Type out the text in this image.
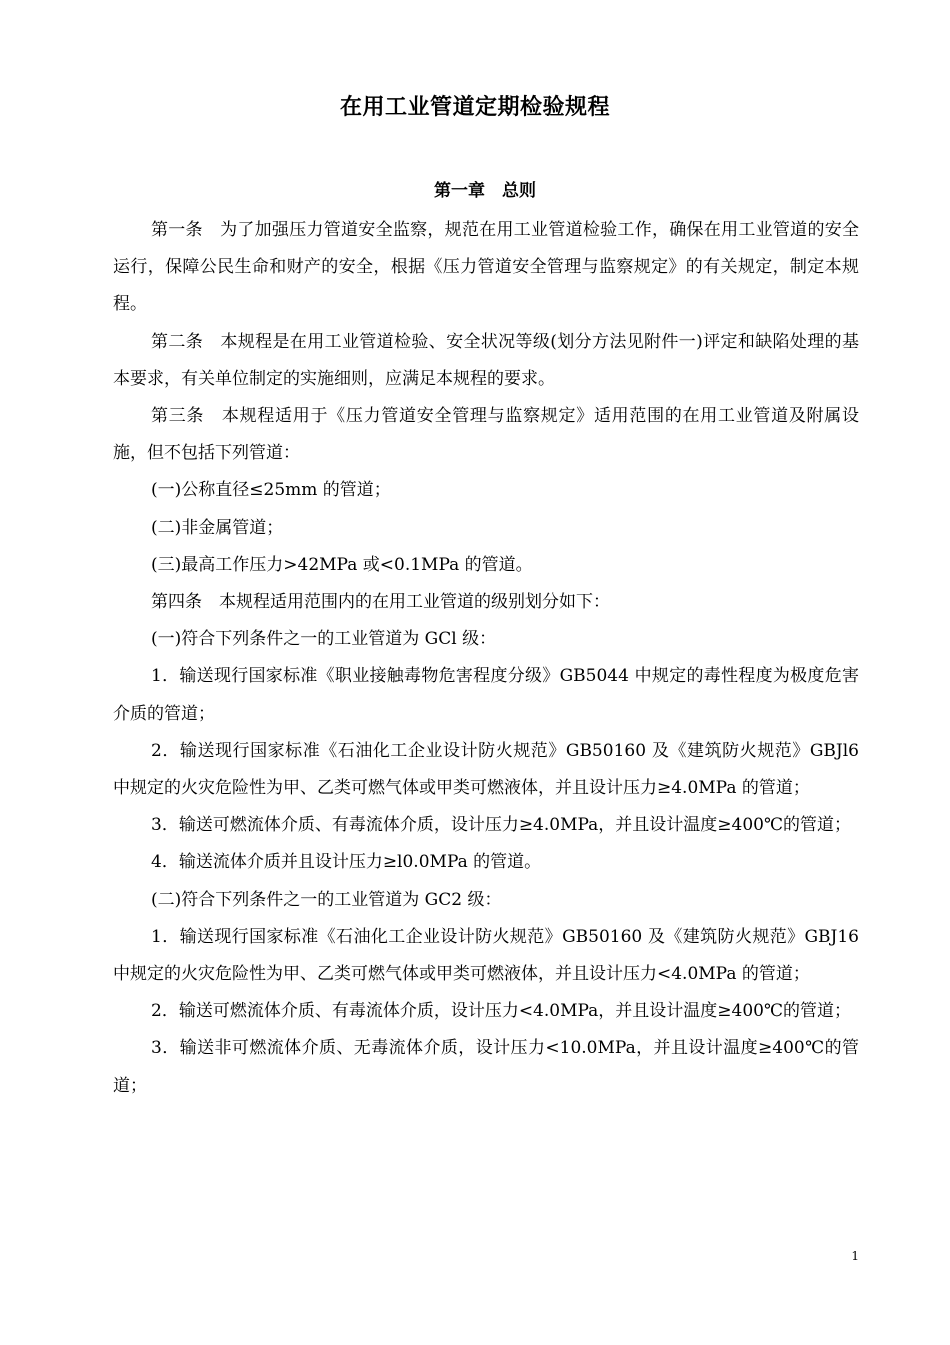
在用工业管道定期检验规程
第一章　总则

第一条　为了加强压力管道安全监察，规范在用工业管道检验工作，确保在用工业管道的安全运行，保障公民生命和财产的安全，根据《压力管道安全管理与监察规定》的有关规定，制定本规程。

第二条　本规程是在用工业管道检验、安全状况等级(划分方法见附件一)评定和缺陷处理的基本要求，有关单位制定的实施细则，应满足本规程的要求。

第三条　本规程适用于《压力管道安全管理与监察规定》适用范围的在用工业管道及附属设施，但不包括下列管道：

(一)公称直径≤25mm 的管道；

(二)非金属管道；

(三)最高工作压力>42MPa 或<0.1MPa 的管道。

第四条　本规程适用范围内的在用工业管道的级别划分如下：

(一)符合下列条件之一的工业管道为 GCl 级：

1．输送现行国家标准《职业接触毒物危害程度分级》GB5044 中规定的毒性程度为极度危害介质的管道；

2．输送现行国家标准《石油化工企业设计防火规范》GB50160 及《建筑防火规范》GBJl6 中规定的火灾危险性为甲、乙类可燃气体或甲类可燃液体，并且设计压力≥4.0MPa 的管道；

3．输送可燃流体介质、有毒流体介质，设计压力≥4.0MPa，并且设计温度≥400℃的管道；

4．输送流体介质并且设计压力≥l0.0MPa 的管道。

(二)符合下列条件之一的工业管道为 GC2 级：

1．输送现行国家标准《石油化工企业设计防火规范》GB50160 及《建筑防火规范》GBJ16 中规定的火灾危险性为甲、乙类可燃气体或甲类可燃液体，并且设计压力<4.0MPa 的管道；

2．输送可燃流体介质、有毒流体介质，设计压力<4.0MPa，并且设计温度≥400℃的管道；

3．输送非可燃流体介质、无毒流体介质，设计压力<10.0MPa，并且设计温度≥400℃的管道；

1
